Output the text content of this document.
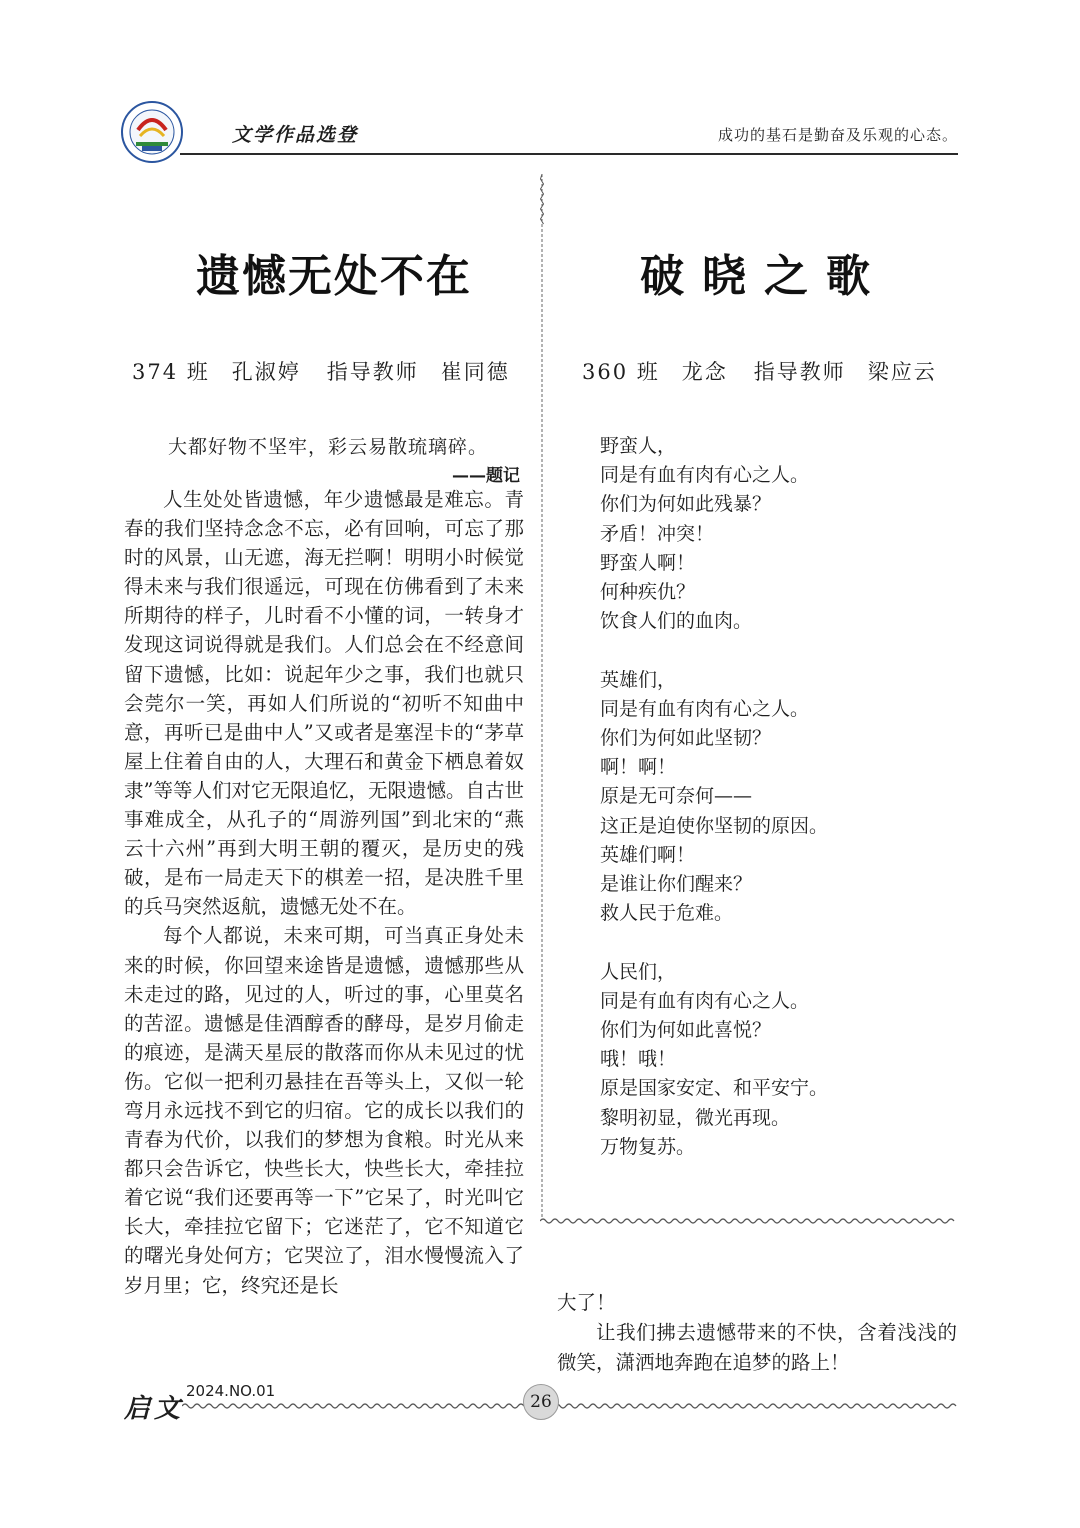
文学作品选登	成功的基石是勤奋及乐观的心态。
遗憾无处不在
374 班 孔淑婷 指导教师 崔同德
大都好物不坚牢，彩云易散琉璃碎。
——题记

人生处处皆遗憾，年少遗憾最是难忘。青春的我们坚持念念不忘，必有回响，可忘了那时的风景，山无遮，海无拦啊！明明小时候觉得未来与我们很遥远，可现在仿佛看到了未来所期待的样子，儿时看不小懂的词，一转身才发现这词说得就是我们。人们总会在不经意间留下遗憾，比如：说起年少之事，我们也就只会莞尔一笑，再如人们所说的“初听不知曲中意，再听已是曲中人”又或者是塞涅卡的“茅草屋上住着自由的人，大理石和黄金下栖息着奴隶”等等人们对它无限追忆，无限遗憾。自古世事难成全，从孔子的“周游列国”到北宋的“燕云十六州”再到大明王朝的覆灭，是历史的残破，是布一局走天下的棋差一招，是决胜千里的兵马突然返航，遗憾无处不在。

每个人都说，未来可期，可当真正身处未来的时候，你回望来途皆是遗憾，遗憾那些从未走过的路，见过的人，听过的事，心里莫名的苦涩。遗憾是佳酒醇香的酵母，是岁月偷走的痕迹，是满天星辰的散落而你从未见过的忧伤。它似一把利刃悬挂在吾等头上，又似一轮弯月永远找不到它的归宿。它的成长以我们的青春为代价，以我们的梦想为食粮。时光从来都只会告诉它，快些长大，快些长大，牵挂拉着它说“我们还要再等一下”它呆了，时光叫它长大，牵挂拉它留下；它迷茫了，它不知道它的曙光身处何方；它哭泣了，泪水慢慢流入了岁月里；它，终究还是长

破晓之歌
360 班 龙念 指导教师 梁应云
野蛮人，
同是有血有肉有心之人。
你们为何如此残暴？
矛盾！冲突！
野蛮人啊！
何种疾仇？
饮食人们的血肉。
英雄们，
同是有血有肉有心之人。
你们为何如此坚韧？
啊！啊！
原是无可奈何——
这正是迫使你坚韧的原因。
英雄们啊！
是谁让你们醒来？
救人民于危难。
人民们，
同是有血有肉有心之人。
你们为何如此喜悦？
哦！哦！
原是国家安定、和平安宁。
黎明初显，微光再现。
万物复苏。

大了！

让我们拂去遗憾带来的不快，含着浅浅的微笑，潇洒地奔跑在追梦的路上！

启文
2024.NO.01
26
